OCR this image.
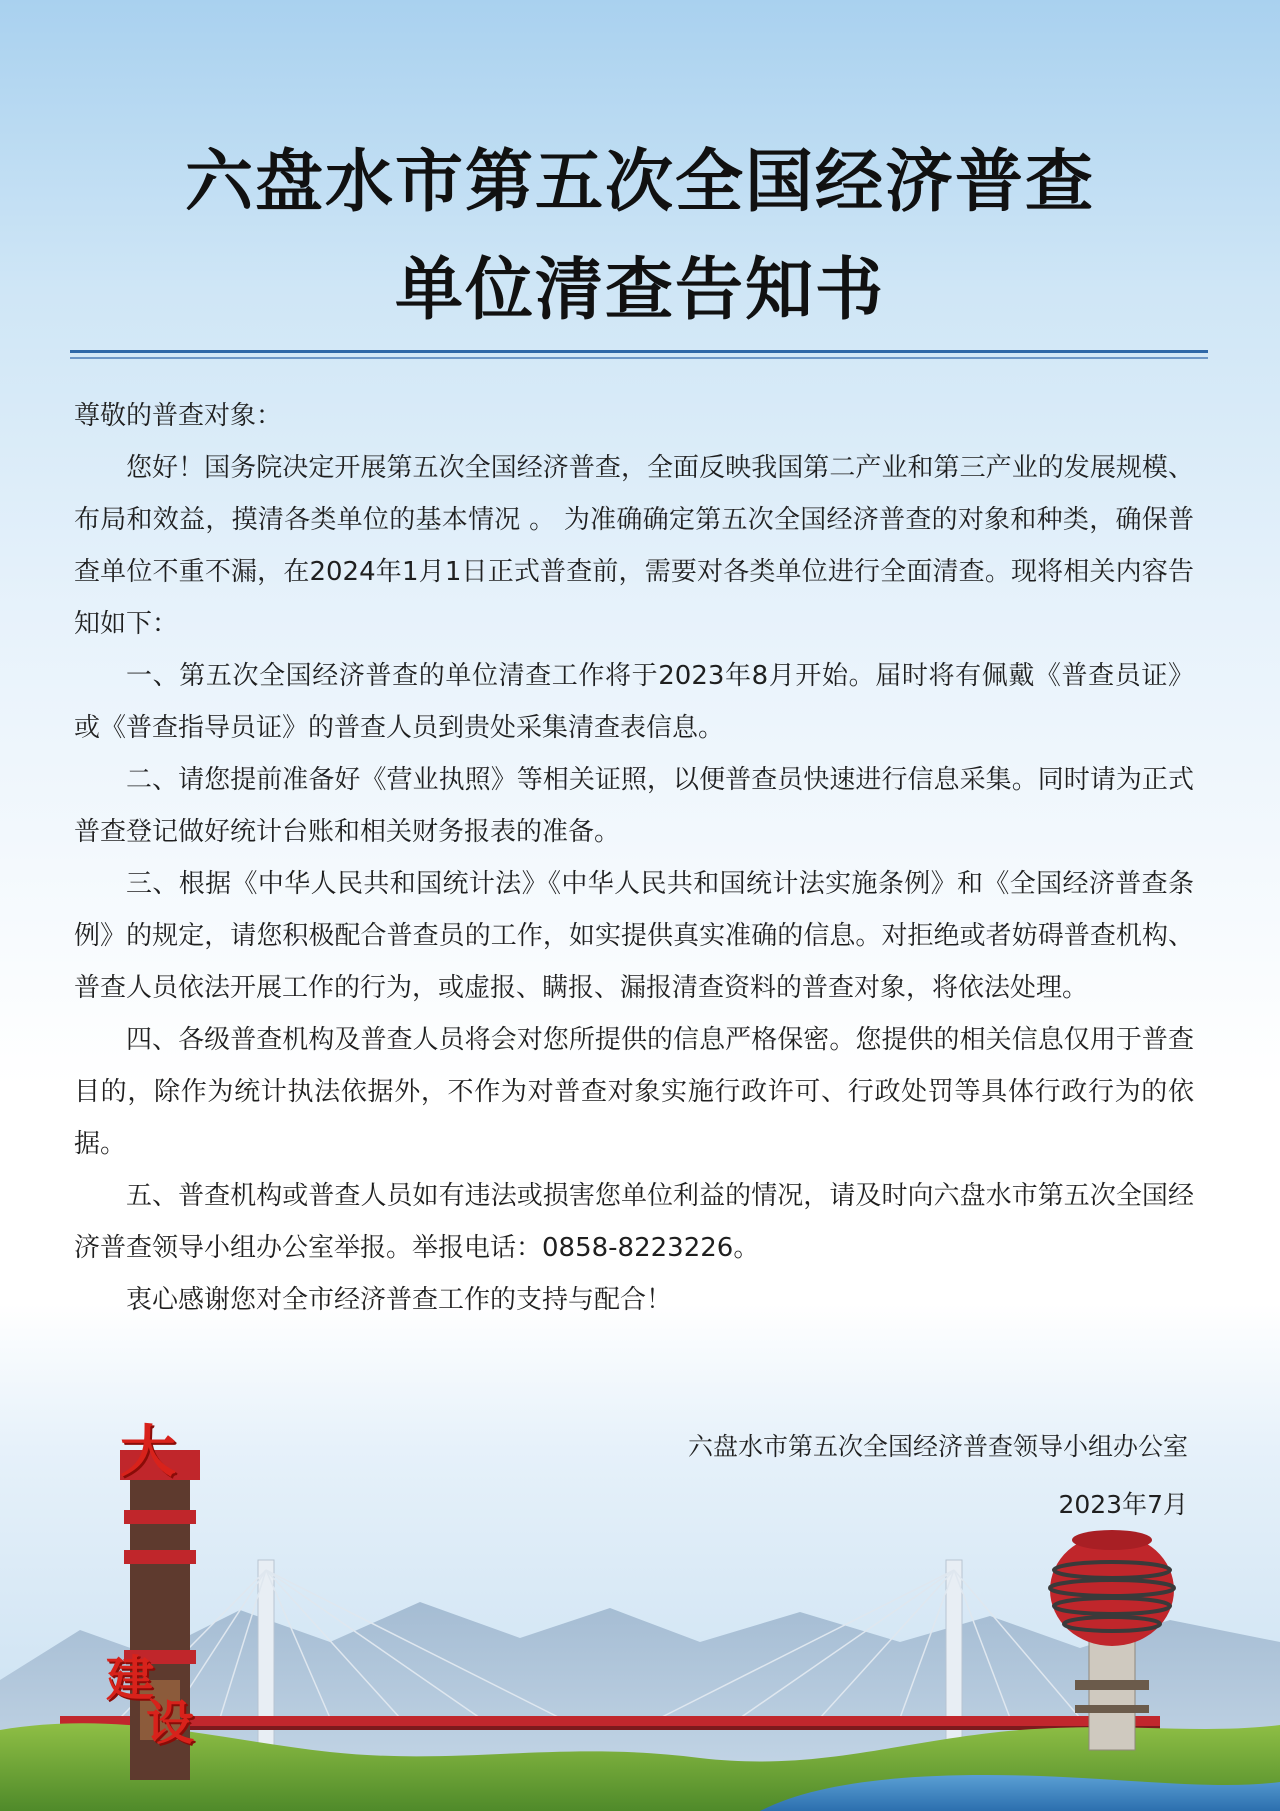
六盘水市第五次全国经济普查
单位清查告知书

尊敬的普查对象：

您好！国务院决定开展第五次全国经济普查，全面反映我国第二产业和第三产业的发展规模、布局和效益，摸清各类单位的基本情况 。 为准确确定第五次全国经济普查的对象和种类，确保普查单位不重不漏，在2024年1月1日正式普查前，需要对各类单位进行全面清查。现将相关内容告知如下：

一、第五次全国经济普查的单位清查工作将于2023年8月开始。届时将有佩戴《普查员证》或《普查指导员证》的普查人员到贵处采集清查表信息。

二、请您提前准备好《营业执照》等相关证照，以便普查员快速进行信息采集。同时请为正式普查登记做好统计台账和相关财务报表的准备。

三、根据《中华人民共和国统计法》《中华人民共和国统计法实施条例》和《全国经济普查条例》的规定，请您积极配合普查员的工作，如实提供真实准确的信息。对拒绝或者妨碍普查机构、普查人员依法开展工作的行为，或虚报、瞒报、漏报清查资料的普查对象，将依法处理。

四、各级普查机构及普查人员将会对您所提供的信息严格保密。您提供的相关信息仅用于普查目的，除作为统计执法依据外，不作为对普查对象实施行政许可、行政处罚等具体行政行为的依据。

五、普查机构或普查人员如有违法或损害您单位利益的情况，请及时向六盘水市第五次全国经济普查领导小组办公室举报。举报电话：0858-8223226。

衷心感谢您对全市经济普查工作的支持与配合！

六盘水市第五次全国经济普查领导小组办公室
2023年7月
大
建
设
